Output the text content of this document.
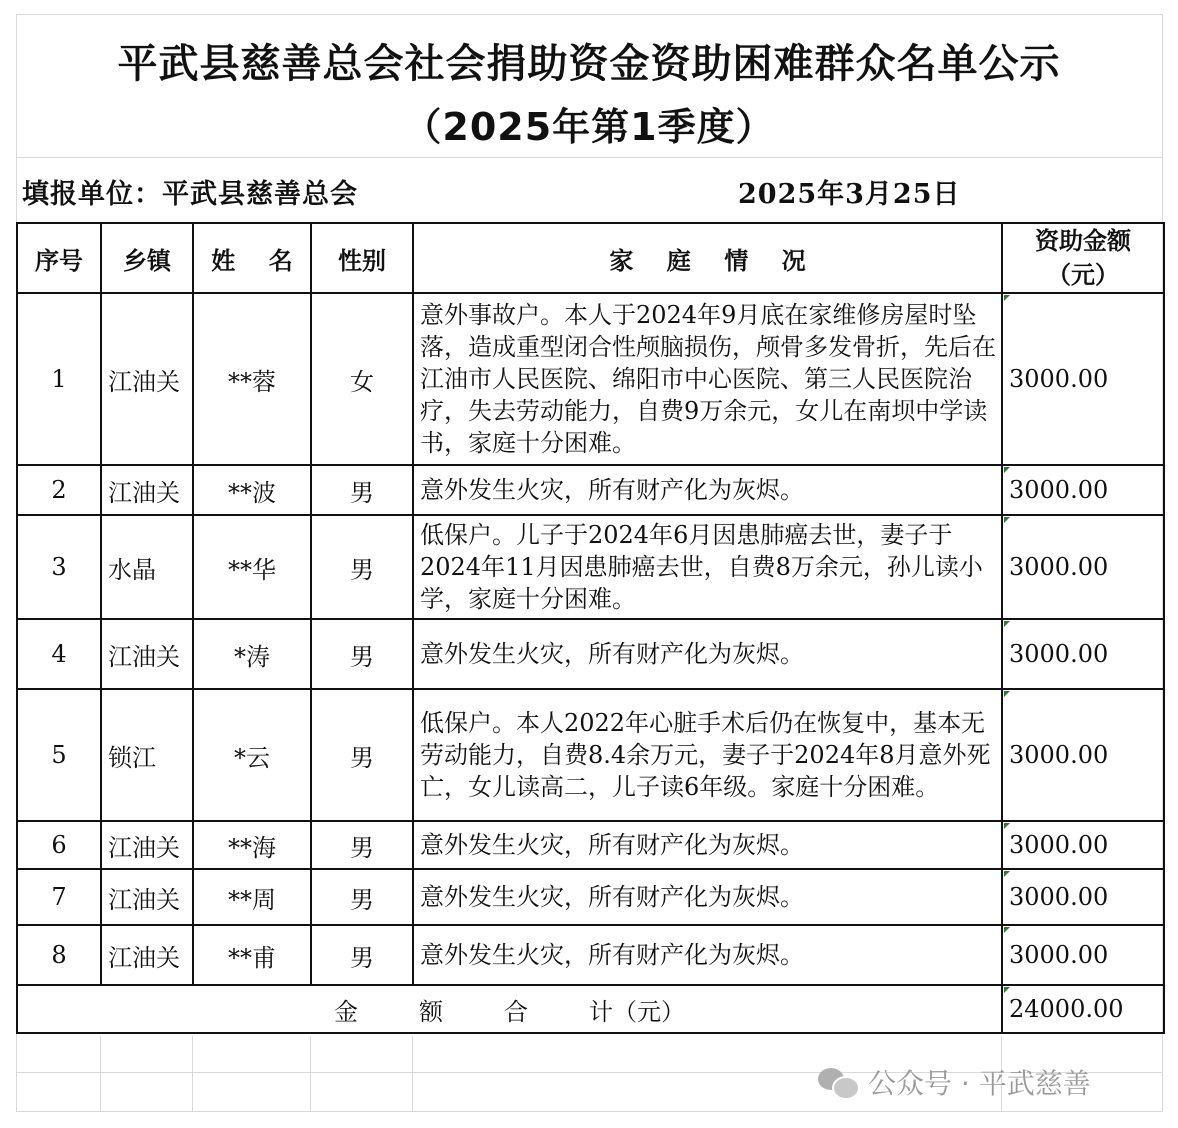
平武县慈善总会社会捐助资金资助困难群众名单公示
（2025年第1季度）
填报单位：平武县慈善总会	2025年3月25日
序号	乡镇	姓    名	性别	家    庭    情    况	资助金额
（元）

1	江油关	**蓉	女	意外事故户。本人于2024年9月底在家维修房屋时坠落，造成重型闭合性颅脑损伤，颅骨多发骨折，先后在江油市人民医院、绵阳市中心医院、第三人民医院治疗，失去劳动能力，自费9万余元，女儿在南坝中学读书，家庭十分困难。	3000.00
2	江油关	**波	男	意外发生火灾，所有财产化为灰烬。	3000.00
3	水晶	**华	男	低保户。儿子于2024年6月因患肺癌去世，妻子于2024年11月因患肺癌去世，自费8万余元，孙儿读小学，家庭十分困难。	3000.00
4	江油关	*涛	男	意外发生火灾，所有财产化为灰烬。	3000.00
5	锁江	*云	男	低保户。本人2022年心脏手术后仍在恢复中，基本无劳动能力，自费8.4余万元，妻子于2024年8月意外死亡，女儿读高二，儿子读6年级。家庭十分困难。	3000.00
6	江油关	**海	男	意外发生火灾，所有财产化为灰烬。	3000.00
7	江油关	**周	男	意外发生火灾，所有财产化为灰烬。	3000.00
8	江油关	**甫	男	意外发生火灾，所有财产化为灰烬。	3000.00
金        额        合        计（元）					24000.00
公众号 · 平武慈善
